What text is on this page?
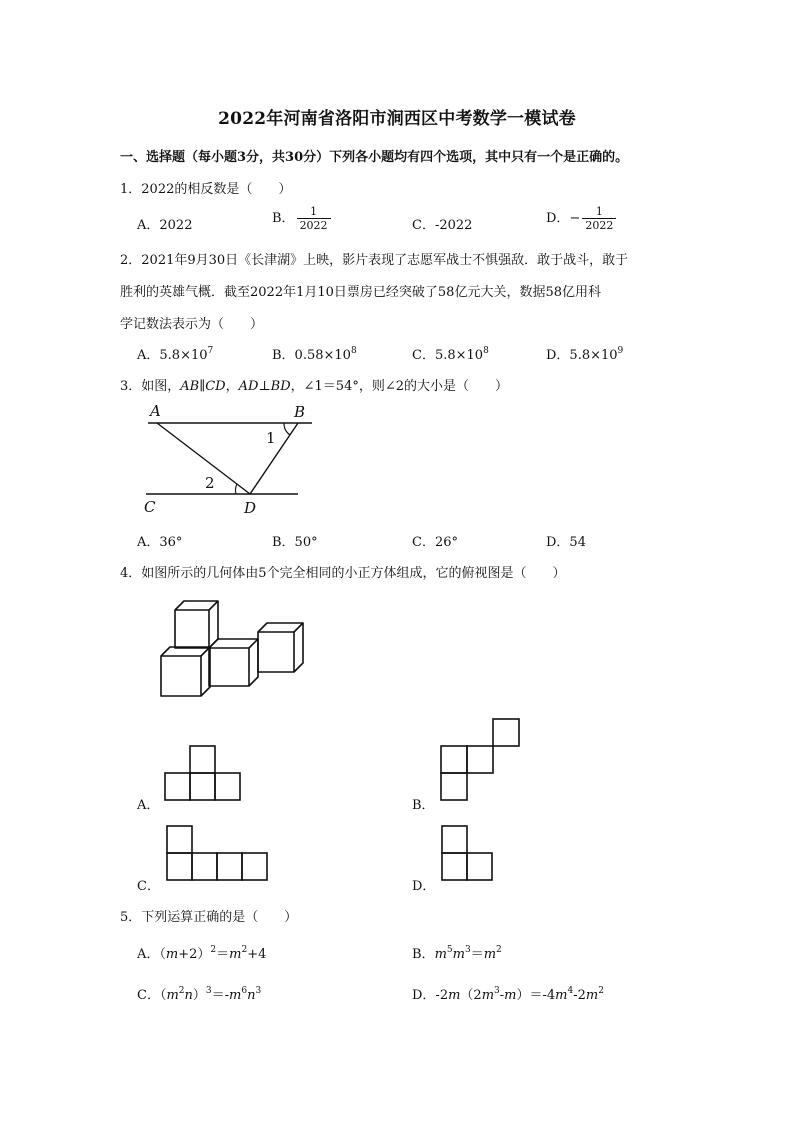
2022年河南省洛阳市涧西区中考数学一模试卷
一、选择题（每小题3分，共30分）下列各小题均有四个选项，其中只有一个是正确的。
1．2022的相反数是（　　）
A．2022	B． $\frac{1}{2022}$	C．-2022	D．− $\frac{1}{2022}$
2．2021年9月30日《长津湖》上映，影片表现了志愿军战士不惧强敌．敢于战斗，敢于
胜利的英雄气概．截至2022年1月10日票房已经突破了58亿元大关，数据58亿用科
学记数法表示为（　　）
A．$5.8\times 10^7$	B．$0.58\times 10^8$	C．$5.8\times 10^8$	D．$5.8\times 10^9$
3．如图，AB∥CD，AD⊥BD，∠1＝54°，则∠2的大小是（　　）
A	B
C	D
1
2
A．36°	B．50°	C．26°	D．54
4．如图所示的几何体由5个完全相同的小正方体组成，它的俯视图是（　　）
A．	B．
C．	D．
5．下列运算正确的是（　　）
A．$(m+2)^2=m^2+4$	B．$m^5m^3=m^2$
C．$(m^2n)^3=-m^6n^3$	D．$-2m(2m^3-m)=-4m^4-2m^2$
